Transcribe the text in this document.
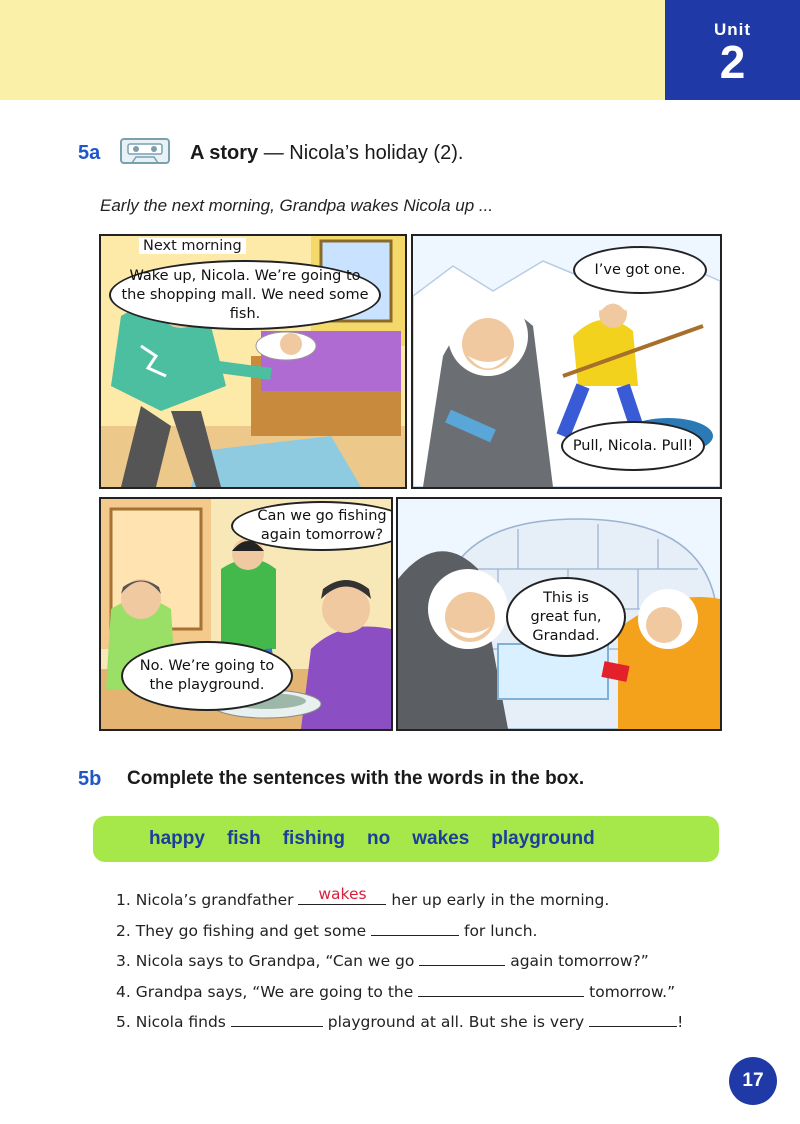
Unit
2
5a	A story — Nicola’s holiday (2).
Early the next morning, Grandpa wakes Nicola up ...
Next morning
Wake up, Nicola. We’re going to the shopping mall. We need some fish.
I’ve got one.
Pull, Nicola. Pull!
Can we go fishing again tomorrow?
No. We’re going to the playground.
This is great fun, Grandad.
5b Complete the sentences with the words in the box.
happy fish fishing no wakes playground
1. Nicola’s grandfather	wakes	her up early in the morning.
2. They go fishing and get some	for lunch.
3. Nicola says to Grandpa, “Can we go	again tomorrow?”
4. Grandpa says, “We are going to the	tomorrow.”
5. Nicola finds	playground at all. But she is very	!
17
